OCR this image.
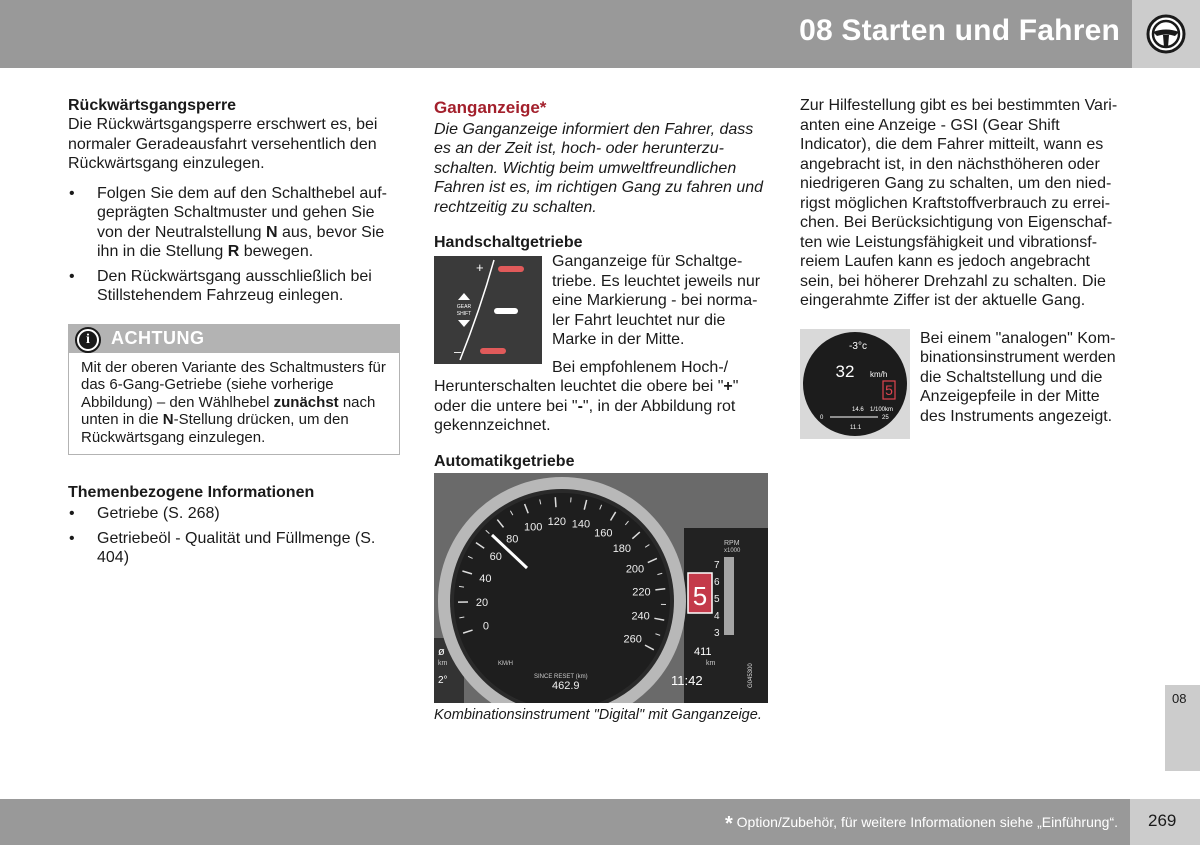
08 Starten und Fahren
Rückwärtsgangsperre

Die Rückwärtsgangsperre erschwert es, bei normaler Geradeausfahrt versehentlich den Rückwärtsgang einzulegen.

• Folgen Sie dem auf den Schalthebel aufgeprägten Schaltmuster und gehen Sie von der Neutralstellung N aus, bevor Sie ihn in die Stellung R bewegen.
• Den Rückwärtsgang ausschließlich bei Stillstehendem Fahrzeug einlegen.
i	ACHTUNG
Mit der oberen Variante des Schaltmusters für das 6-Gang-Getriebe (siehe vorherige Abbildung) – den Wählhebel zunächst nach unten in die N-Stellung drücken, um den Rückwärtsgang einzulegen.
Themenbezogene Informationen
• Getriebe (S. 268)
• Getriebeöl - Qualität und Füllmenge (S. 404)
Ganganzeige*

Die Ganganzeige informiert den Fahrer, dass es an der Zeit ist, hoch- oder herunterzuschalten. Wichtig beim umweltfreundlichen Fahren ist es, im richtigen Gang zu fahren und rechtzeitig zu schalten.

Handschaltgetriebe
+
–
GEAR
SHIFT

Ganganzeige für Schaltgetriebe. Es leuchtet jeweils nur eine Markierung - bei normaler Fahrt leuchtet nur die Marke in der Mitte.

Bei empfohlenem Hoch-/ Herunterschalten leuchtet die obere bei "+" oder die untere bei "-", in der Abbildung rot gekennzeichnet.

Automatikgetriebe
0
20
40
60
80
100 120 140
160
180
200
220
240
260
5
RPM
x1000
7
6
5
4
3
411
km
11:42
SINCE RESET (km)
462.9
KM/H
ø
km
2°	G045300
Kombinationsinstrument "Digital" mit Ganganzeige.

Zur Hilfestellung gibt es bei bestimmten Varianten eine Anzeige - GSI (Gear Shift Indicator), die dem Fahrer mitteilt, wann es angebracht ist, in den nächsthöheren oder niedrigeren Gang zu schalten, um den niedrigst möglichen Kraftstoffverbrauch zu erreichen. Bei Berücksichtigung von Eigenschaften wie Leistungsfähigkeit und vibrationsfreiem Laufen kann es jedoch angebracht sein, bei höherer Drehzahl zu schalten. Die eingerahmte Ziffer ist der aktuelle Gang.

-3°c
32 km/h
5
14.6 1/100km
0	25
11.1

Bei einem "analogen" Kombinationsinstrument werden die Schaltstellung und die Anzeigepfeile in der Mitte des Instruments angezeigt.

08
* Option/Zubehör, für weitere Informationen siehe „Einführung“. 269
